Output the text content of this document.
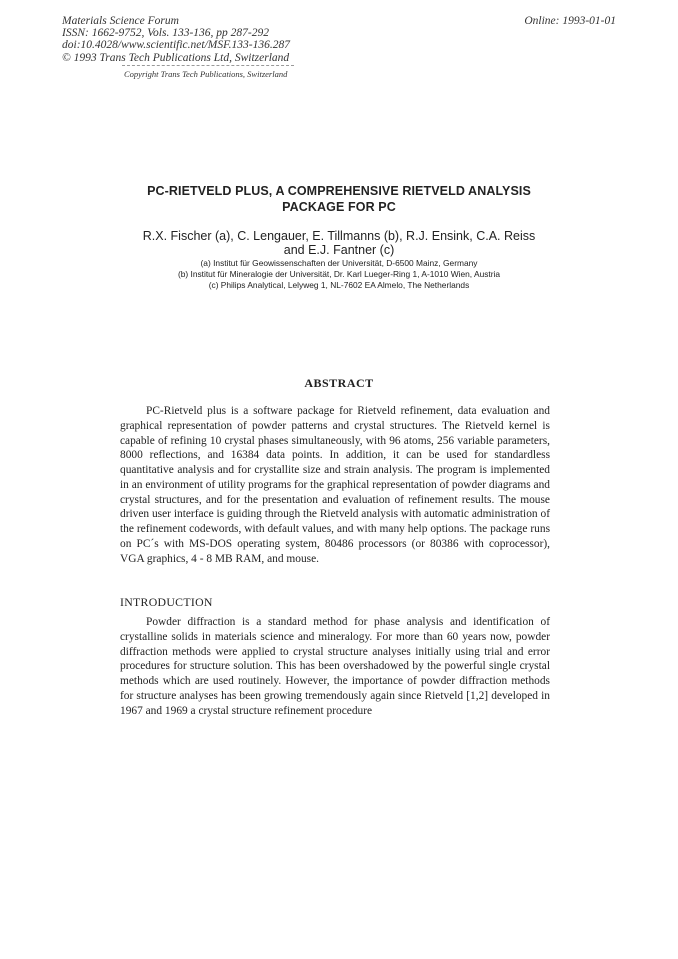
Materials Science Forum
ISSN: 1662-9752, Vols. 133-136, pp 287-292
doi:10.4028/www.scientific.net/MSF.133-136.287
© 1993 Trans Tech Publications Ltd, Switzerland
Online: 1993-01-01
Copyright Trans Tech Publications, Switzerland
PC-RIETVELD PLUS, A COMPREHENSIVE RIETVELD ANALYSIS
PACKAGE FOR PC
R.X. Fischer (a), C. Lengauer, E. Tillmanns (b), R.J. Ensink, C.A. Reiss
and E.J. Fantner (c)
(a) Institut für Geowissenschaften der Universität, D-6500 Mainz, Germany
(b) Institut für Mineralogie der Universität, Dr. Karl Lueger-Ring 1, A-1010 Wien, Austria
(c) Philips Analytical, Lelyweg 1, NL-7602 EA Almelo, The Netherlands
ABSTRACT

PC-Rietveld plus is a software package for Rietveld refinement, data evaluation and graphical representation of powder patterns and crystal structures. The Rietveld kernel is capable of refining 10 crystal phases simultaneously, with 96 atoms, 256 variable parameters, 8000 reflections, and 16384 data points. In addition, it can be used for standardless quantitative analysis and for crystallite size and strain analysis. The program is implemented in an environment of utility programs for the graphical representation of powder diagrams and crystal structures, and for the presentation and evaluation of refinement results. The mouse driven user interface is guiding through the Rietveld analysis with automatic administration of the refinement codewords, with default values, and with many help options. The package runs on PC´s with MS-DOS operating system, 80486 processors (or 80386 with coprocessor), VGA graphics, 4 - 8 MB RAM, and mouse.

INTRODUCTION

Powder diffraction is a standard method for phase analysis and identification of crystalline solids in materials science and mineralogy. For more than 60 years now, powder diffraction methods were applied to crystal structure analyses initially using trial and error procedures for structure solution. This has been overshadowed by the powerful single crystal methods which are used routinely. However, the importance of powder diffraction methods for structure analyses has been growing tremendously again since Rietveld [1,2] developed in 1967 and 1969 a crystal structure refinement procedure
